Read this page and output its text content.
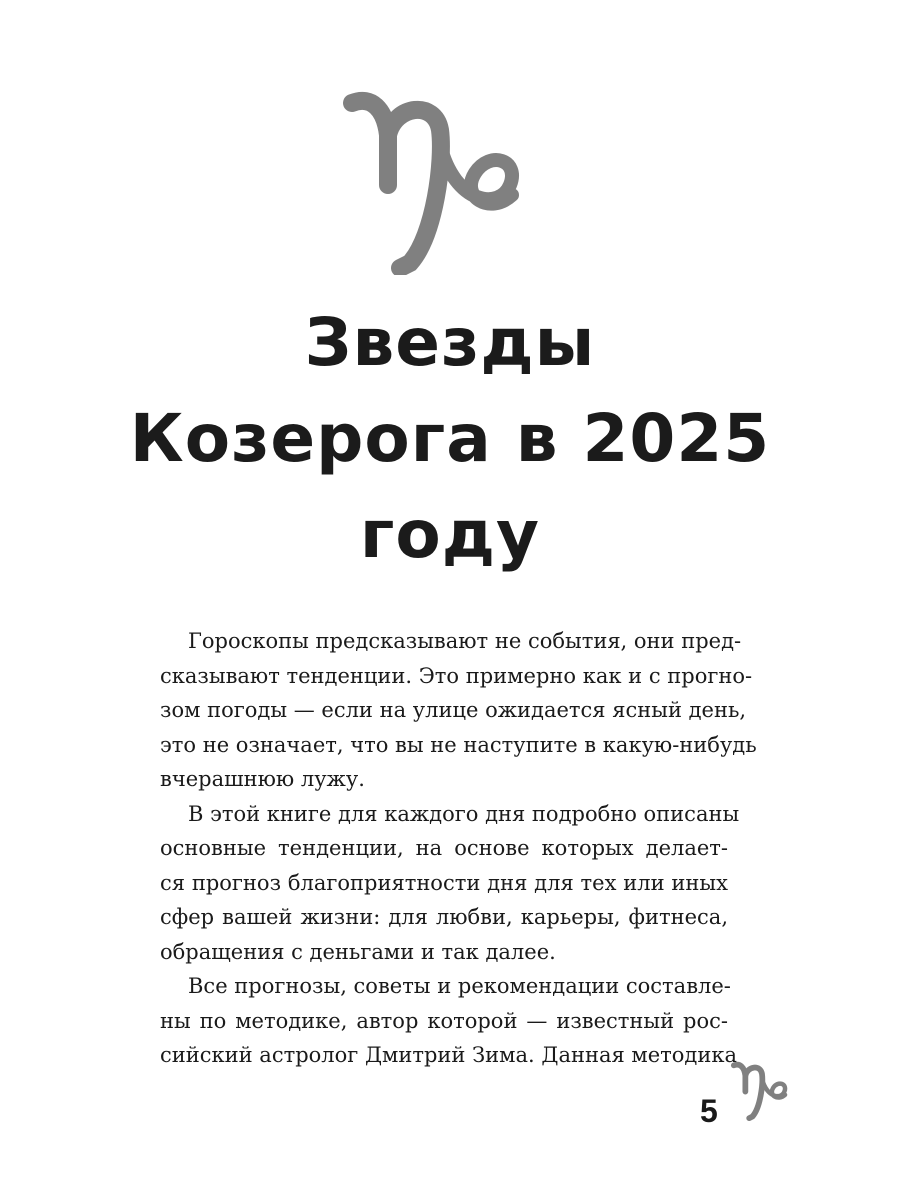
Звезды
Козерога в 2025
году

Гороскопы предсказывают не события, они пред-
сказывают тенденции. Это примерно как и с прогно-
зом погоды — если на улице ожидается ясный день,
это не означает, что вы не наступите в какую-нибудь
вчерашнюю лужу.

В этой книге для каждого дня подробно описаны
основные тенденции, на основе которых делает-
ся прогноз благоприятности дня для тех или иных
сфер вашей жизни: для любви, карьеры, фитнеса,
обращения с деньгами и так далее.

Все прогнозы, советы и рекомендации составле-
ны по методике, автор которой — известный рос-
сийский астролог Дмитрий Зима. Данная методика

5
